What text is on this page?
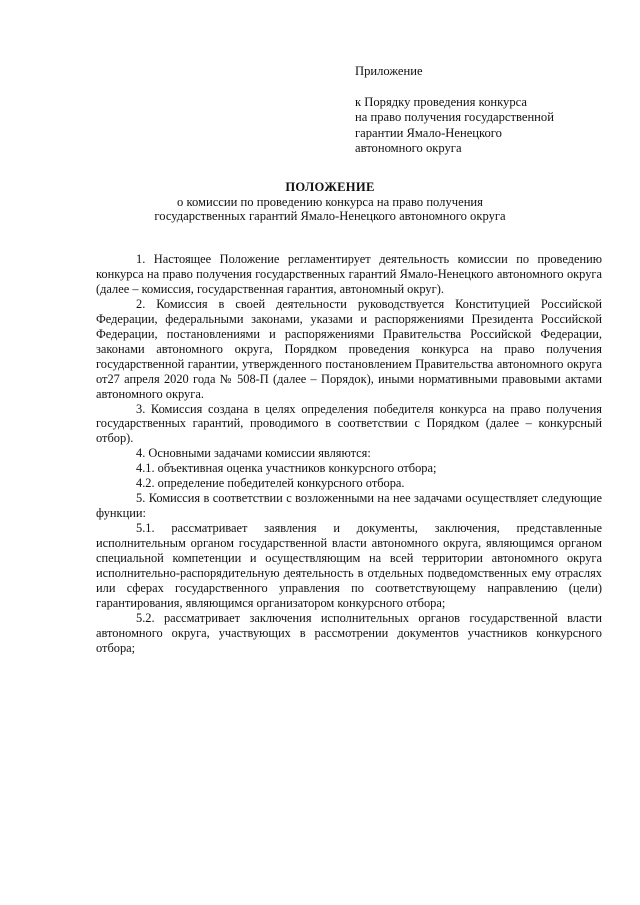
Приложение
к Порядку проведения конкурса
на право получения государственной
гарантии Ямало-Ненецкого
автономного округа
ПОЛОЖЕНИЕ
о комиссии по проведению конкурса на право получения
государственных гарантий Ямало-Ненецкого автономного округа

1. Настоящее Положение регламентирует деятельность комиссии по проведению конкурса на право получения государственных гарантий Ямало-Ненецкого автономного округа (далее – комиссия, государственная гарантия, автономный округ).

2. Комиссия в своей деятельности руководствуется Конституцией Российской Федерации, федеральными законами, указами и распоряжениями Президента Российской Федерации, постановлениями и распоряжениями Правительства Российской Федерации, законами автономного округа, Порядком проведения конкурса на право получения государственной гарантии, утвержденного постановлением Правительства автономного округа от27 апреля 2020 года № 508-П (далее – Порядок), иными нормативными правовыми актами автономного округа.

3. Комиссия создана в целях определения победителя конкурса на право получения государственных гарантий, проводимого в соответствии с Порядком (далее – конкурсный отбор).

4. Основными задачами комиссии являются:

4.1. объективная оценка участников конкурсного отбора;

4.2. определение победителей конкурсного отбора.

5. Комиссия в соответствии с возложенными на нее задачами осуществляет следующие функции:

5.1. рассматривает заявления и документы, заключения, представленные исполнительным органом государственной власти автономного округа, являющимся органом специальной компетенции и осуществляющим на всей территории автономного округа исполнительно-распорядительную деятельность в отдельных подведомственных ему отраслях или сферах государственного управления по соответствующему направлению (цели) гарантирования, являющимся организатором конкурсного отбора;

5.2. рассматривает заключения исполнительных органов государственной власти автономного округа, участвующих в рассмотрении документов участников конкурсного отбора;
